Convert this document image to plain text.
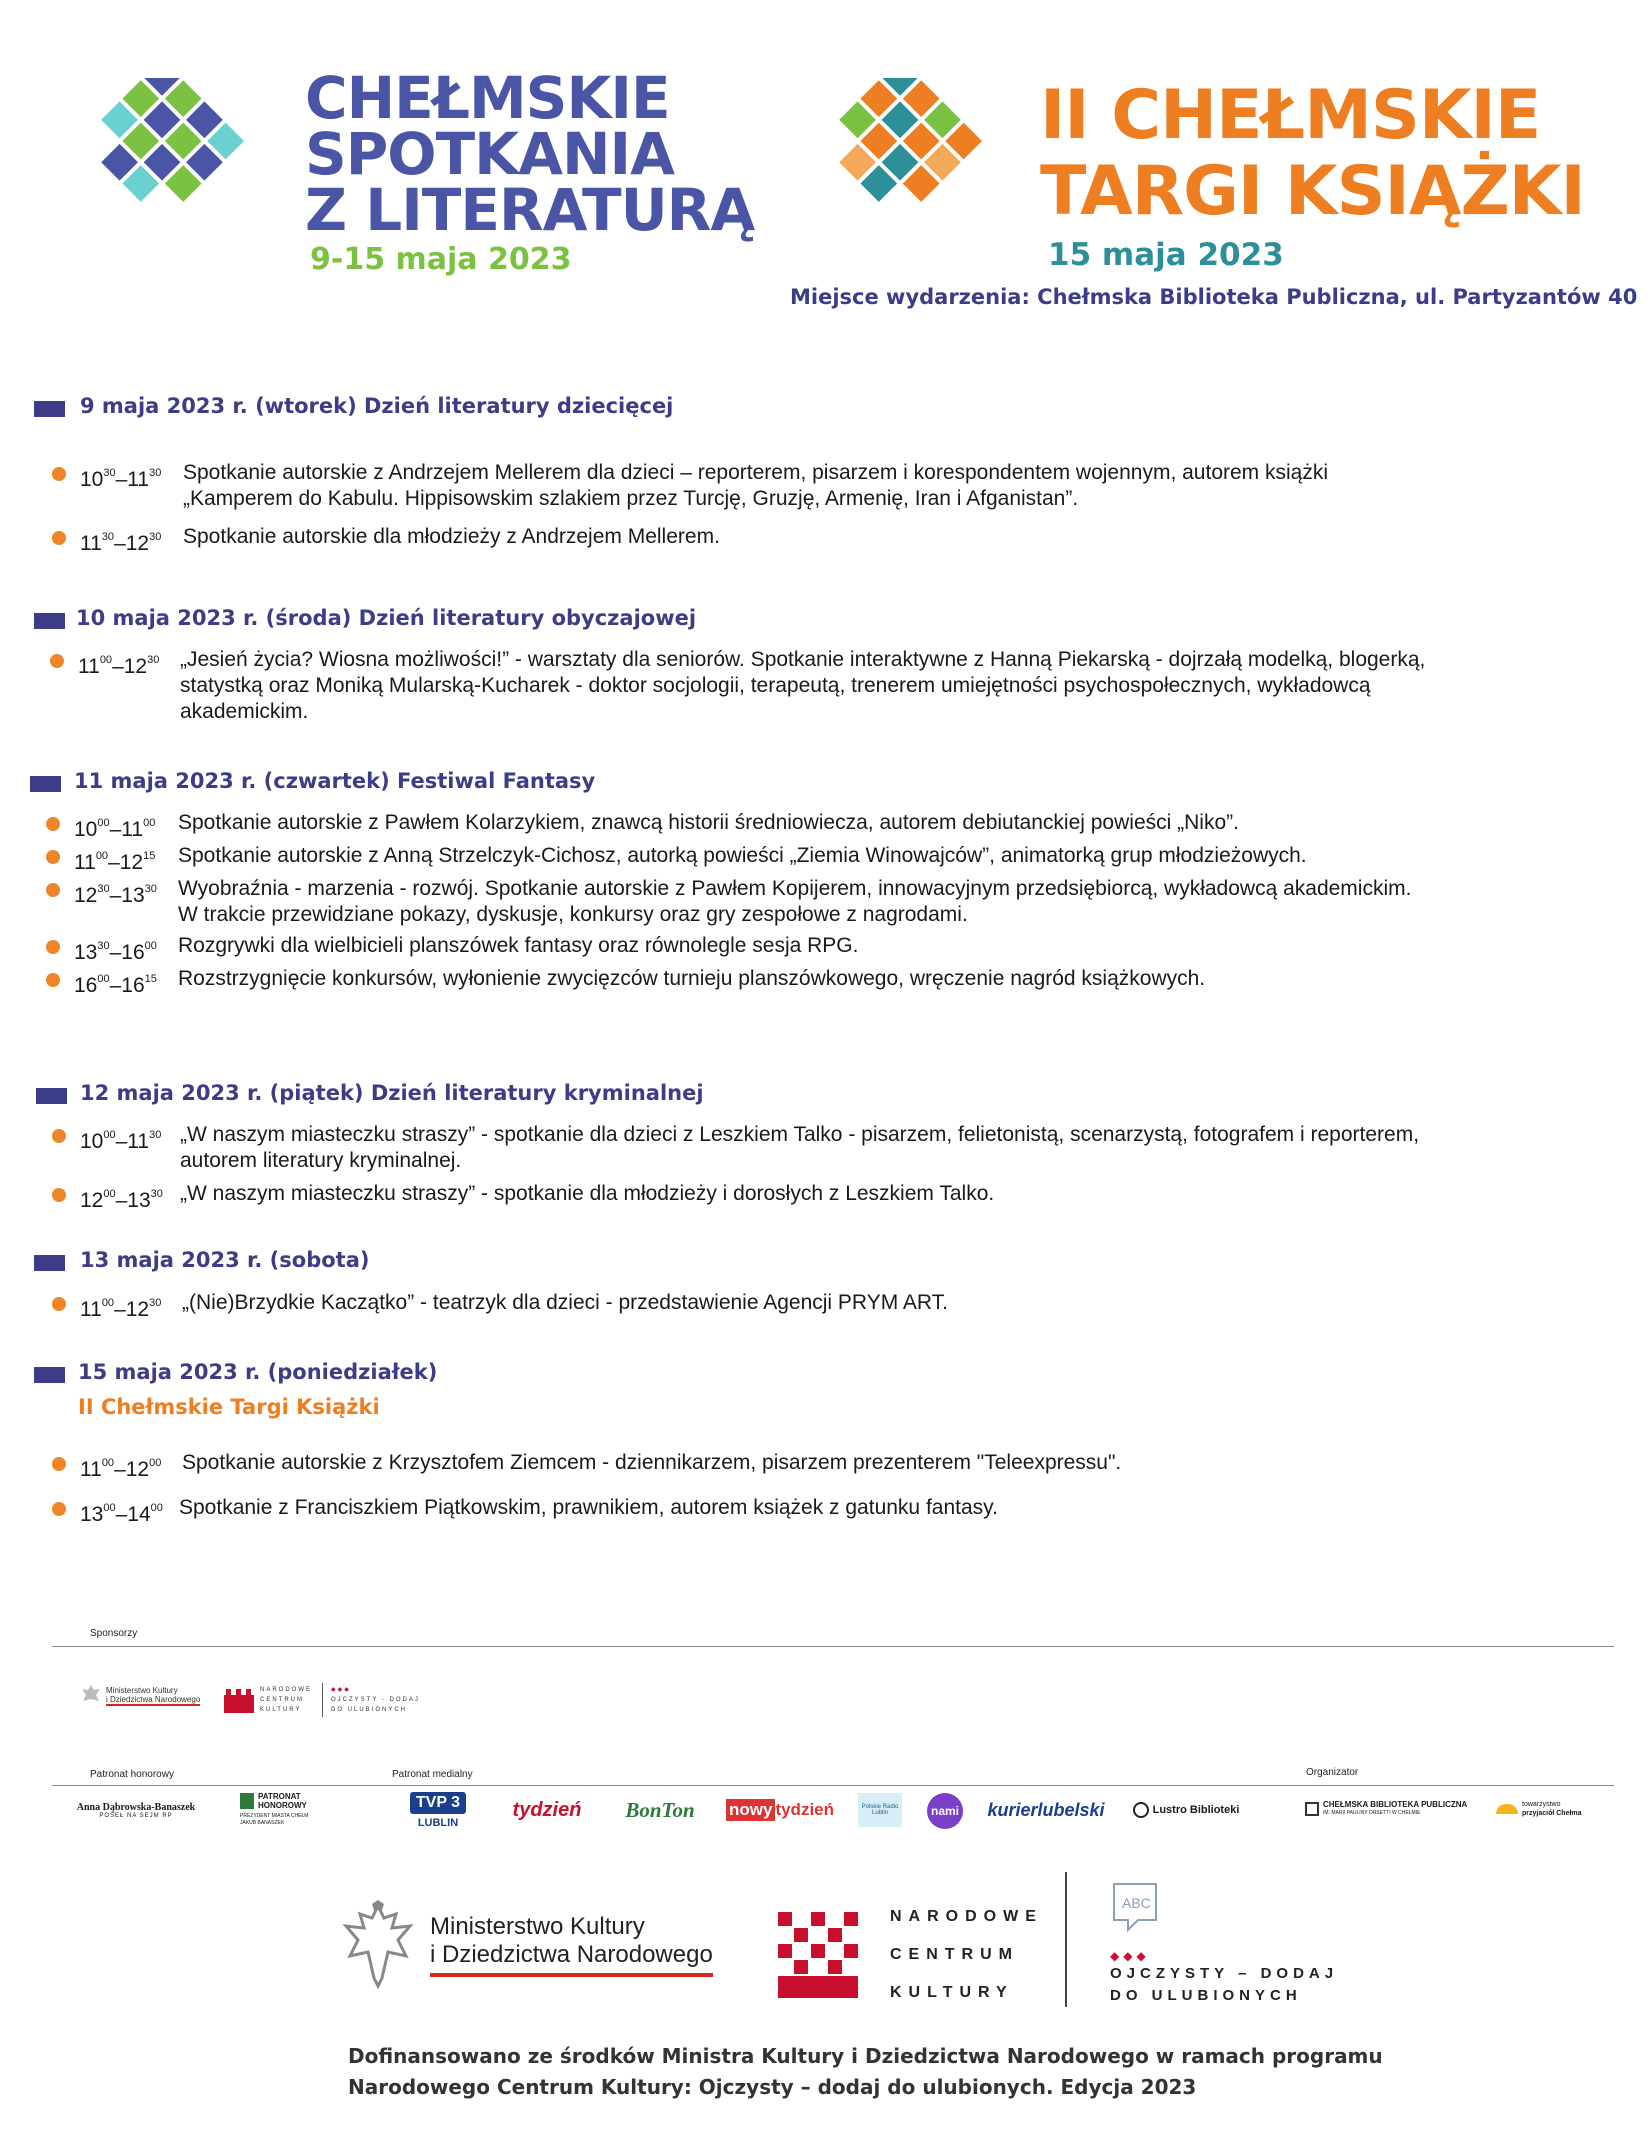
CHEŁMSKIE
SPOTKANIA
Z LITERATURĄ
9-15 maja 2023
II CHEŁMSKIE
TARGI KSIĄŻKI
15 maja 2023
Miejsce wydarzenia: Chełmska Biblioteka Publiczna, ul. Partyzantów 40
9 maja 2023 r. (wtorek) Dzień literatury dziecięcej
$10^{30}-11^{30}$ Spotkanie autorskie z Andrzejem Mellerem dla dzieci – reporterem, pisarzem i korespondentem wojennym, autorem książki
„Kamperem do Kabulu. Hippisowskim szlakiem przez Turcję, Gruzję, Armenię, Iran i Afganistan”.
$11^{30}-12^{30}$ Spotkanie autorskie dla młodzieży z Andrzejem Mellerem.
10 maja 2023 r. (środa) Dzień literatury obyczajowej
$11^{00}-12^{30}$ „Jesień życia? Wiosna możliwości!” - warsztaty dla seniorów. Spotkanie interaktywne z Hanną Piekarską - dojrzałą modelką, blogerką,
statystką oraz Moniką Mularską-Kucharek - doktor socjologii, terapeutą, trenerem umiejętności psychospołecznych, wykładowcą
akademickim.
11 maja 2023 r. (czwartek) Festiwal Fantasy
$10^{00}-11^{00}$ Spotkanie autorskie z Pawłem Kolarzykiem, znawcą historii średniowiecza, autorem debiutanckiej powieści „Niko”.
$11^{00}-12^{15}$ Spotkanie autorskie z Anną Strzelczyk-Cichosz, autorką powieści „Ziemia Winowajców”, animatorką grup młodzieżowych.
$12^{30}-13^{30}$ Wyobraźnia - marzenia - rozwój. Spotkanie autorskie z Pawłem Kopijerem, innowacyjnym przedsiębiorcą, wykładowcą akademickim.
W trakcie przewidziane pokazy, dyskusje, konkursy oraz gry zespołowe z nagrodami.
$13^{30}-16^{00}$ Rozgrywki dla wielbicieli planszówek fantasy oraz równolegle sesja RPG.
$16^{00}-16^{15}$ Rozstrzygnięcie konkursów, wyłonienie zwycięzców turnieju planszówkowego, wręczenie nagród książkowych.
12 maja 2023 r. (piątek) Dzień literatury kryminalnej
$10^{00}-11^{30}$ „W naszym miasteczku straszy” - spotkanie dla dzieci z Leszkiem Talko - pisarzem, felietonistą, scenarzystą, fotografem i reporterem,
autorem literatury kryminalnej.
$12^{00}-13^{30}$ „W naszym miasteczku straszy” - spotkanie dla młodzieży i dorosłych z Leszkiem Talko.
13 maja 2023 r. (sobota)
$11^{00}-12^{30}$ „(Nie)Brzydkie Kaczątko” - teatrzyk dla dzieci - przedstawienie Agencji PRYM ART.
15 maja 2023 r. (poniedziałek)
II Chełmskie Targi Książki
$11^{00}-12^{00}$ Spotkanie autorskie z Krzysztofem Ziemcem - dziennikarzem, pisarzem prezenterem "Teleexpressu".
$13^{00}-14^{00}$ Spotkanie z Franciszkiem Piątkowskim, prawnikiem, autorem książek z gatunku fantasy.
Sponsorzy
Ministerstwo Kultury
i Dziedzictwa Narodowego
NARODOWE
CENTRUM
KULTURY
◆◆◆
OJCZYSTY - DODAJ
DO ULUBIONYCH
Patronat honorowy	Patronat medialny	Organizator
Anna Dąbrowska-Banaszek
POSEŁ NA SEJM RP
PATRONAT
HONOROWY
PREZYDENT MIASTA CHEŁM
JAKUB BANASZEK
TVP 3
LUBLIN
tydzień	BonTon	nowy tydzień	Polskie Radio Lublin	nami	kurierlubelski	Lustro Biblioteki	CHEŁMSKA BIBLIOTEKA PUBLICZNA
IM. MARII PAULINY ORSETTI W CHEŁMIE
towarzystwo
przyjaciół Chełma
Ministerstwo Kultury
i Dziedzictwa Narodowego
NARODOWE
CENTRUM
KULTURY
ABC
◆◆◆
OJCZYSTY – DODAJ
DO ULUBIONYCH
Dofinansowano ze środków Ministra Kultury i Dziedzictwa Narodowego w ramach programu
Narodowego Centrum Kultury: Ojczysty – dodaj do ulubionych. Edycja 2023
